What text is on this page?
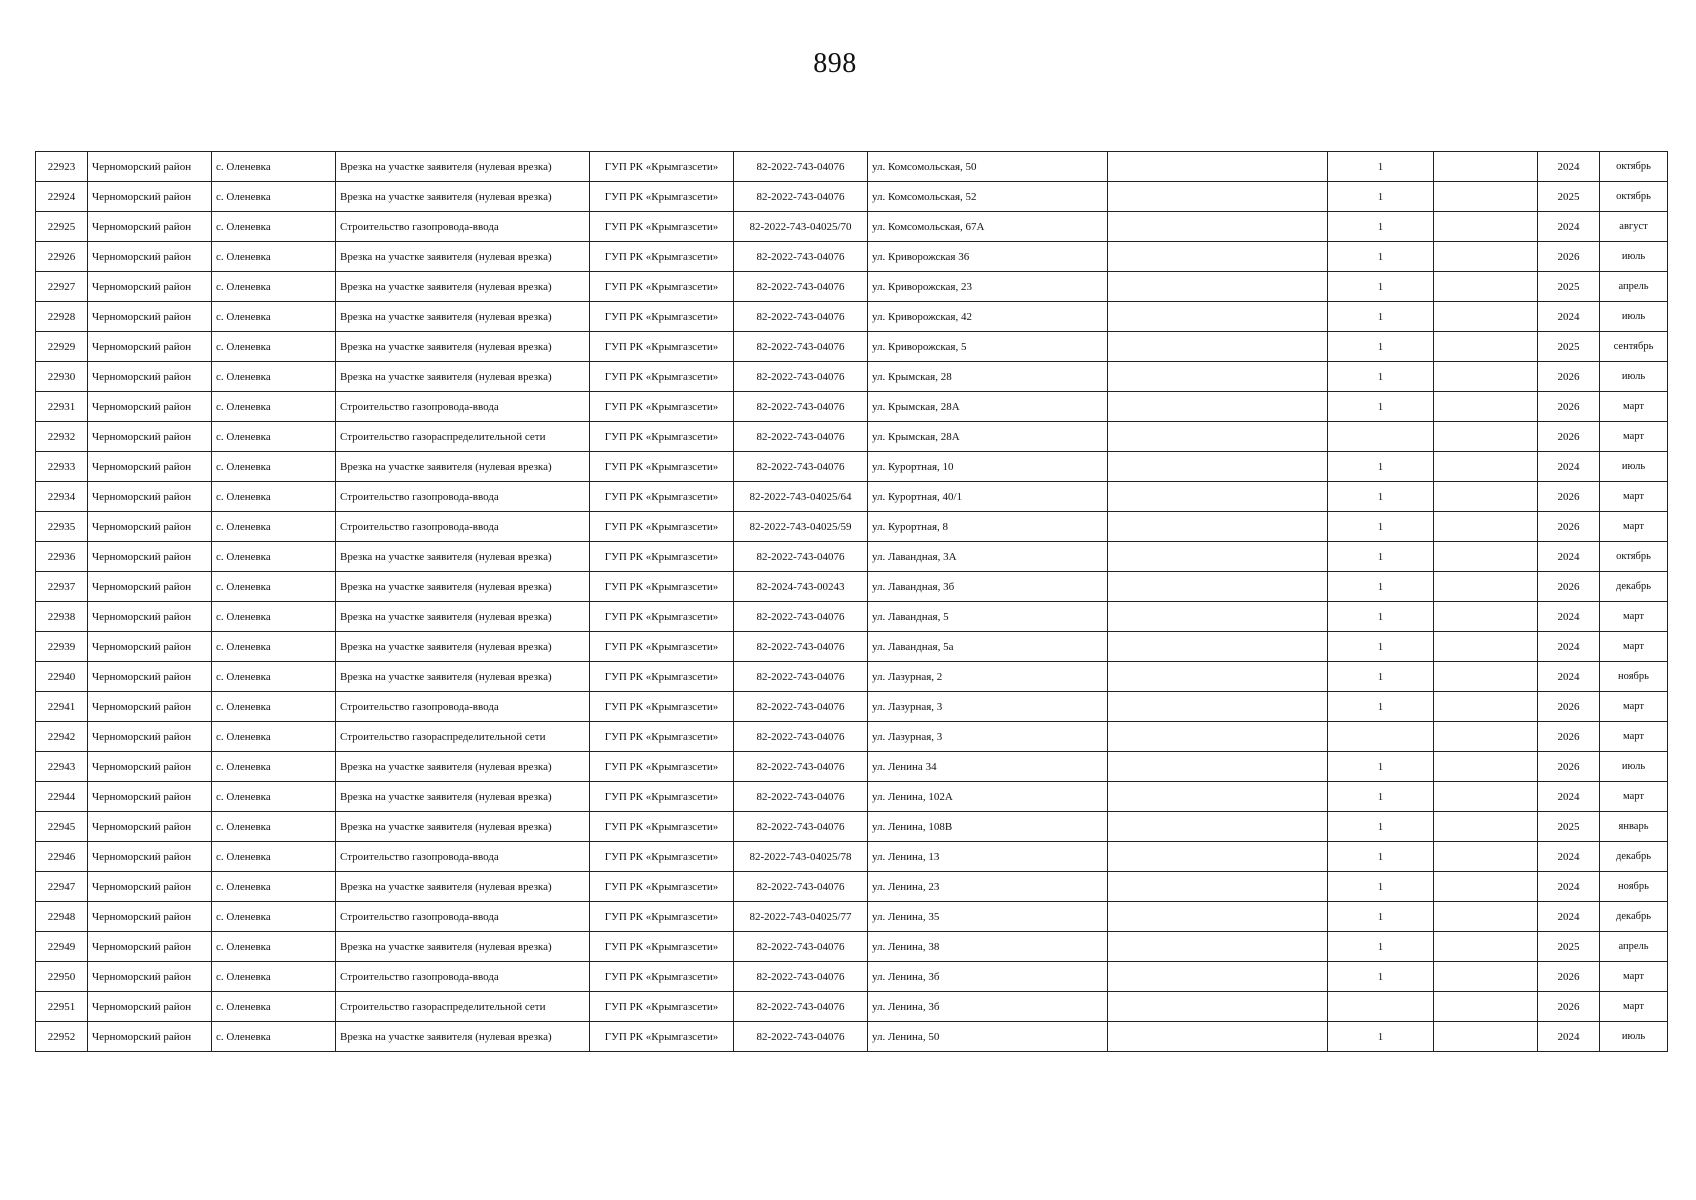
898
22923	Черноморский район	с. Оленевка	Врезка на участке заявителя (нулевая врезка)	ГУП РК «Крымгазсети»	82-2022-743-04076	ул. Комсомольская, 50		1		2024	октябрь
22924	Черноморский район	с. Оленевка	Врезка на участке заявителя (нулевая врезка)	ГУП РК «Крымгазсети»	82-2022-743-04076	ул. Комсомольская, 52		1		2025	октябрь
22925	Черноморский район	с. Оленевка	Строительство газопровода-ввода	ГУП РК «Крымгазсети»	82-2022-743-04025/70	ул. Комсомольская, 67А		1		2024	август
22926	Черноморский район	с. Оленевка	Врезка на участке заявителя (нулевая врезка)	ГУП РК «Крымгазсети»	82-2022-743-04076	ул. Криворожская 36		1		2026	июль
22927	Черноморский район	с. Оленевка	Врезка на участке заявителя (нулевая врезка)	ГУП РК «Крымгазсети»	82-2022-743-04076	ул. Криворожская, 23		1		2025	апрель
22928	Черноморский район	с. Оленевка	Врезка на участке заявителя (нулевая врезка)	ГУП РК «Крымгазсети»	82-2022-743-04076	ул. Криворожская, 42		1		2024	июль
22929	Черноморский район	с. Оленевка	Врезка на участке заявителя (нулевая врезка)	ГУП РК «Крымгазсети»	82-2022-743-04076	ул. Криворожская, 5		1		2025	сентябрь
22930	Черноморский район	с. Оленевка	Врезка на участке заявителя (нулевая врезка)	ГУП РК «Крымгазсети»	82-2022-743-04076	ул. Крымская, 28		1		2026	июль
22931	Черноморский район	с. Оленевка	Строительство газопровода-ввода	ГУП РК «Крымгазсети»	82-2022-743-04076	ул. Крымская, 28А		1		2026	март
22932	Черноморский район	с. Оленевка	Строительство газораспределительной сети	ГУП РК «Крымгазсети»	82-2022-743-04076	ул. Крымская, 28А				2026	март
22933	Черноморский район	с. Оленевка	Врезка на участке заявителя (нулевая врезка)	ГУП РК «Крымгазсети»	82-2022-743-04076	ул. Курортная, 10		1		2024	июль
22934	Черноморский район	с. Оленевка	Строительство газопровода-ввода	ГУП РК «Крымгазсети»	82-2022-743-04025/64	ул. Курортная, 40/1		1		2026	март
22935	Черноморский район	с. Оленевка	Строительство газопровода-ввода	ГУП РК «Крымгазсети»	82-2022-743-04025/59	ул. Курортная, 8		1		2026	март
22936	Черноморский район	с. Оленевка	Врезка на участке заявителя (нулевая врезка)	ГУП РК «Крымгазсети»	82-2022-743-04076	ул. Лавандная, 3А		1		2024	октябрь
22937	Черноморский район	с. Оленевка	Врезка на участке заявителя (нулевая врезка)	ГУП РК «Крымгазсети»	82-2024-743-00243	ул. Лавандная, 3б		1		2026	декабрь
22938	Черноморский район	с. Оленевка	Врезка на участке заявителя (нулевая врезка)	ГУП РК «Крымгазсети»	82-2022-743-04076	ул. Лавандная, 5		1		2024	март
22939	Черноморский район	с. Оленевка	Врезка на участке заявителя (нулевая врезка)	ГУП РК «Крымгазсети»	82-2022-743-04076	ул. Лавандная, 5а		1		2024	март
22940	Черноморский район	с. Оленевка	Врезка на участке заявителя (нулевая врезка)	ГУП РК «Крымгазсети»	82-2022-743-04076	ул. Лазурная, 2		1		2024	ноябрь
22941	Черноморский район	с. Оленевка	Строительство газопровода-ввода	ГУП РК «Крымгазсети»	82-2022-743-04076	ул. Лазурная, 3		1		2026	март
22942	Черноморский район	с. Оленевка	Строительство газораспределительной сети	ГУП РК «Крымгазсети»	82-2022-743-04076	ул. Лазурная, 3				2026	март
22943	Черноморский район	с. Оленевка	Врезка на участке заявителя (нулевая врезка)	ГУП РК «Крымгазсети»	82-2022-743-04076	ул. Ленина 34		1		2026	июль
22944	Черноморский район	с. Оленевка	Врезка на участке заявителя (нулевая врезка)	ГУП РК «Крымгазсети»	82-2022-743-04076	ул. Ленина, 102А		1		2024	март
22945	Черноморский район	с. Оленевка	Врезка на участке заявителя (нулевая врезка)	ГУП РК «Крымгазсети»	82-2022-743-04076	ул. Ленина, 108В		1		2025	январь
22946	Черноморский район	с. Оленевка	Строительство газопровода-ввода	ГУП РК «Крымгазсети»	82-2022-743-04025/78	ул. Ленина, 13		1		2024	декабрь
22947	Черноморский район	с. Оленевка	Врезка на участке заявителя (нулевая врезка)	ГУП РК «Крымгазсети»	82-2022-743-04076	ул. Ленина, 23		1		2024	ноябрь
22948	Черноморский район	с. Оленевка	Строительство газопровода-ввода	ГУП РК «Крымгазсети»	82-2022-743-04025/77	ул. Ленина, 35		1		2024	декабрь
22949	Черноморский район	с. Оленевка	Врезка на участке заявителя (нулевая врезка)	ГУП РК «Крымгазсети»	82-2022-743-04076	ул. Ленина, 38		1		2025	апрель
22950	Черноморский район	с. Оленевка	Строительство газопровода-ввода	ГУП РК «Крымгазсети»	82-2022-743-04076	ул. Ленина, 3б		1		2026	март
22951	Черноморский район	с. Оленевка	Строительство газораспределительной сети	ГУП РК «Крымгазсети»	82-2022-743-04076	ул. Ленина, 3б				2026	март
22952	Черноморский район	с. Оленевка	Врезка на участке заявителя (нулевая врезка)	ГУП РК «Крымгазсети»	82-2022-743-04076	ул. Ленина, 50		1		2024	июль
